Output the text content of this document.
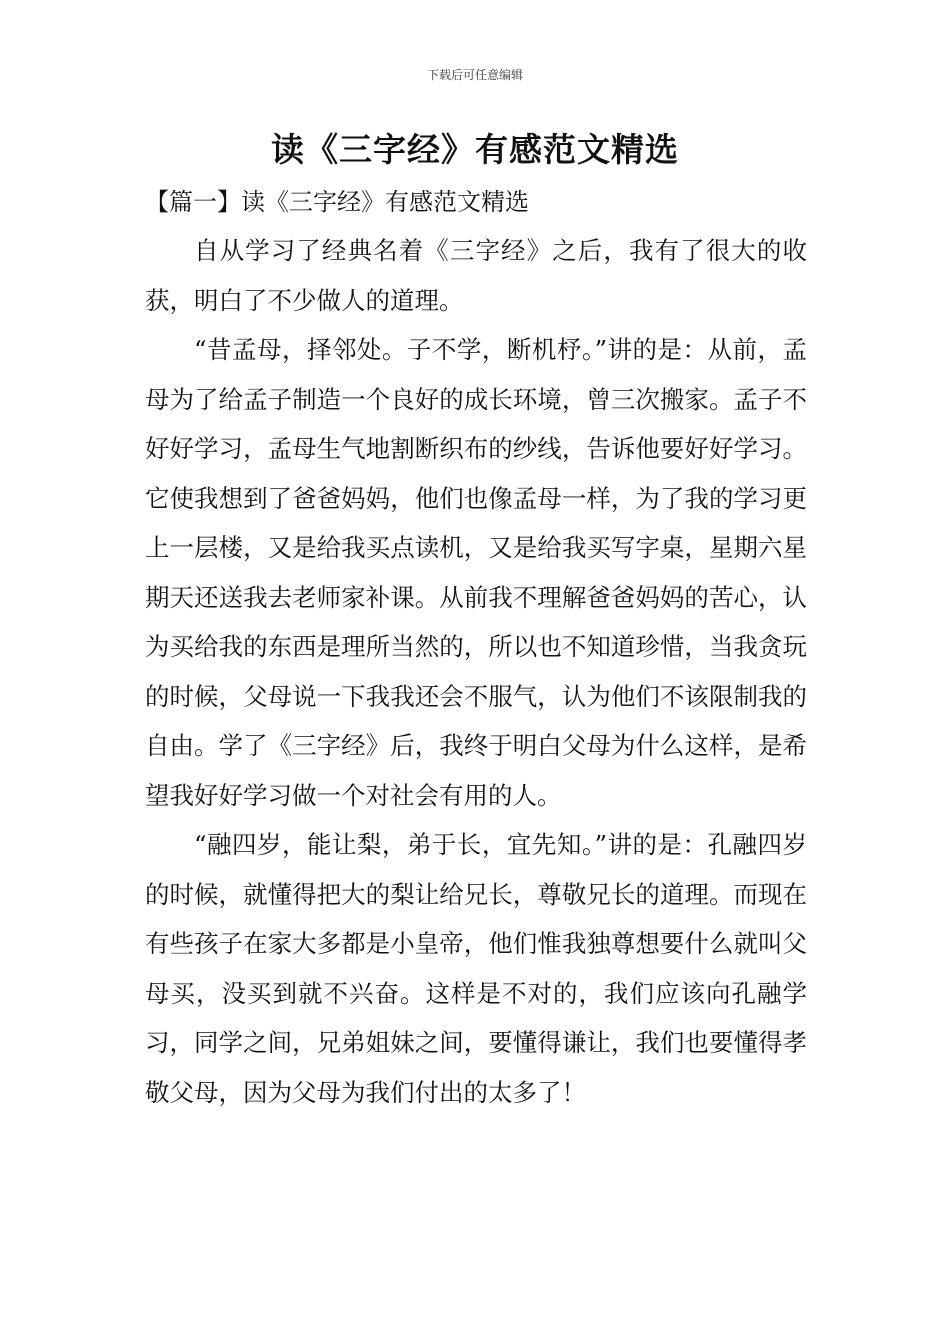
下载后可任意编辑
读《三字经》有感范文精选
【篇一】读《三字经》有感范文精选

自从学习了经典名着《三字经》之后，我有了很大的收获，明白了不少做人的道理。

“昔孟母，择邻处。子不学，断机杼。”讲的是：从前，孟母为了给孟子制造一个良好的成长环境，曾三次搬家。孟子不好好学习，孟母生气地割断织布的纱线，告诉他要好好学习。它使我想到了爸爸妈妈，他们也像孟母一样，为了我的学习更上一层楼，又是给我买点读机，又是给我买写字桌，星期六星期天还送我去老师家补课。从前我不理解爸爸妈妈的苦心，认为买给我的东西是理所当然的，所以也不知道珍惜，当我贪玩的时候，父母说一下我我还会不服气，认为他们不该限制我的自由。学了《三字经》后，我终于明白父母为什么这样，是希望我好好学习做一个对社会有用的人。

“融四岁，能让梨，弟于长，宜先知。”讲的是：孔融四岁的时候，就懂得把大的梨让给兄长，尊敬兄长的道理。而现在有些孩子在家大多都是小皇帝，他们惟我独尊想要什么就叫父母买，没买到就不兴奋。这样是不对的，我们应该向孔融学习，同学之间，兄弟姐妹之间，要懂得谦让，我们也要懂得孝敬父母，因为父母为我们付出的太多了！
